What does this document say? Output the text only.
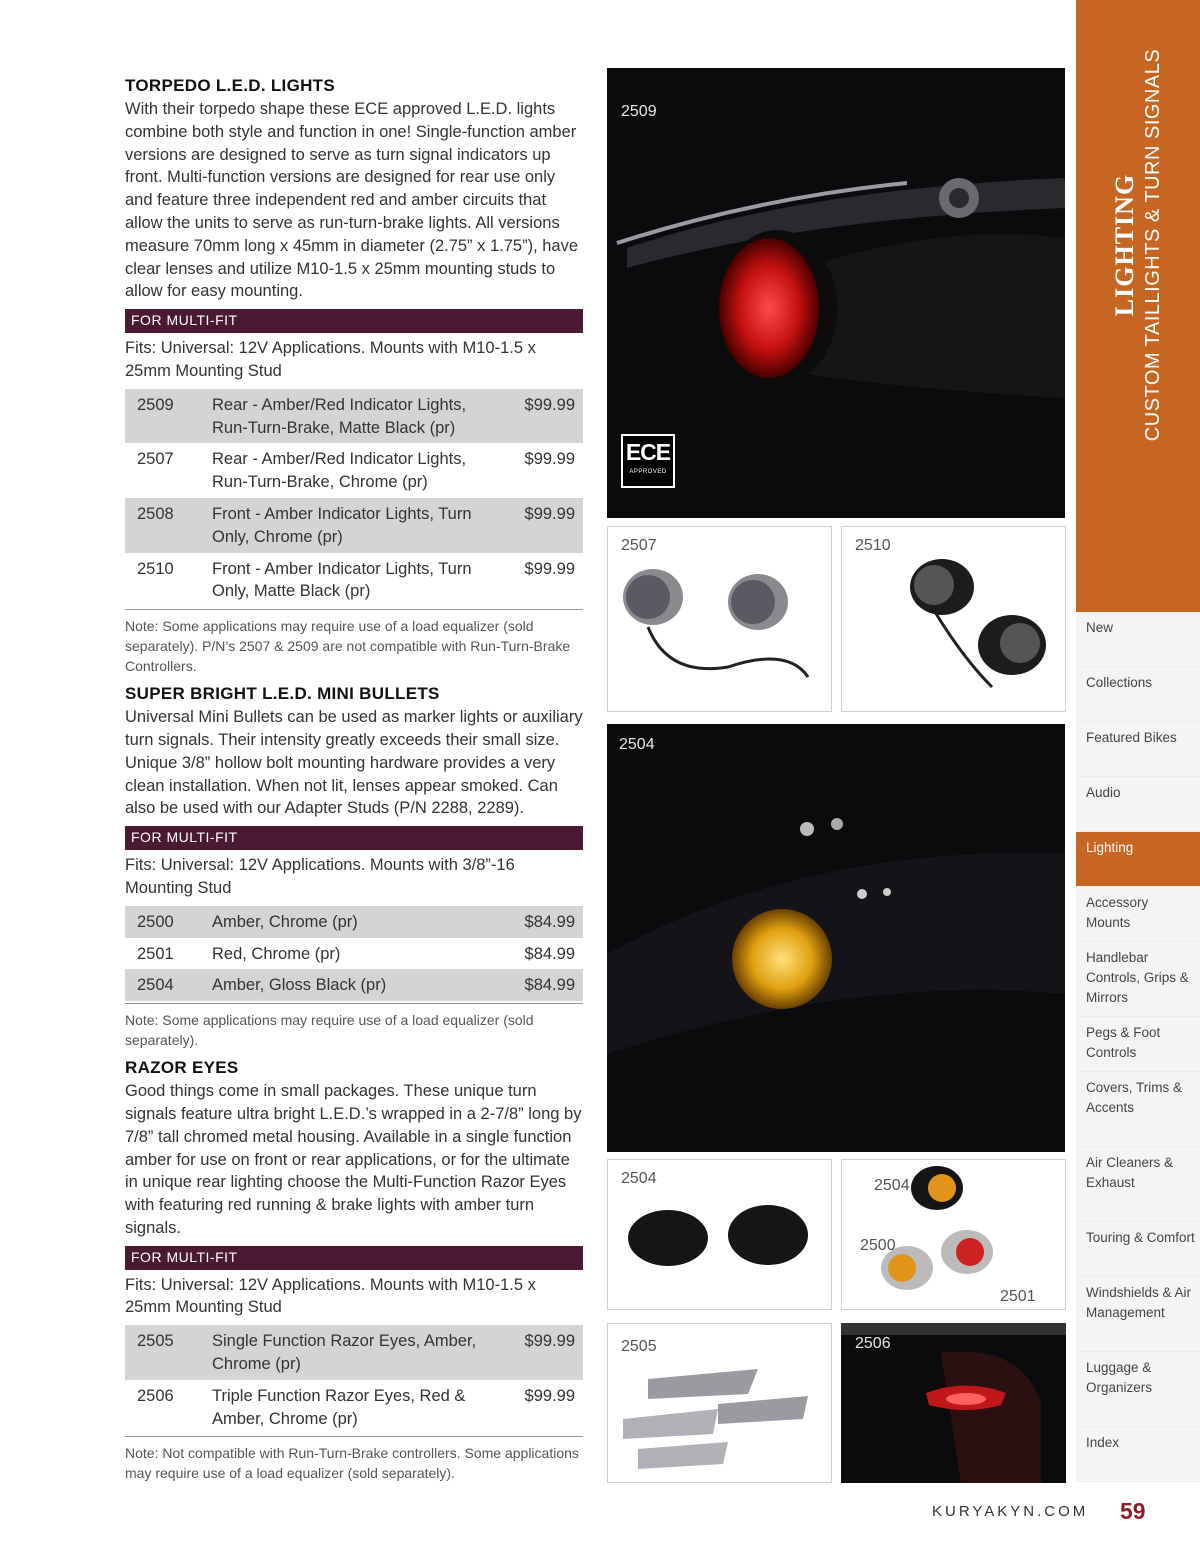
TORPEDO L.E.D. LIGHTS

With their torpedo shape these ECE approved L.E.D. lights combine both style and function in one! Single-function amber versions are designed to serve as turn signal indicators up front. Multi-function versions are designed for rear use only and feature three independent red and amber circuits that allow the units to serve as run-turn-brake lights. All versions measure 70mm long x 45mm in diameter (2.75” x 1.75”), have clear lenses and utilize M10-1.5 x 25mm mounting studs to allow for easy mounting.

FOR MULTI-FIT

Fits: Universal: 12V Applications. Mounts with M10-1.5 x 25mm Mounting Stud

2509	Rear - Amber/Red Indicator Lights, Run-Turn-Brake, Matte Black (pr)	$99.99
2507	Rear - Amber/Red Indicator Lights, Run-Turn-Brake, Chrome (pr)	$99.99
2508	Front - Amber Indicator Lights, Turn Only, Chrome (pr)	$99.99
2510	Front - Amber Indicator Lights, Turn Only, Matte Black (pr)	$99.99

Note: Some applications may require use of a load equalizer (sold separately). P/N’s 2507 & 2509 are not compatible with Run-Turn-Brake Controllers.

SUPER BRIGHT L.E.D. MINI BULLETS

Universal Mini Bullets can be used as marker lights or auxiliary turn signals. Their intensity greatly exceeds their small size. Unique 3/8” hollow bolt mounting hardware provides a very clean installation. When not lit, lenses appear smoked. Can also be used with our Adapter Studs (P/N 2288, 2289).

FOR MULTI-FIT

Fits: Universal: 12V Applications. Mounts with 3/8”-16 Mounting Stud

2500	Amber, Chrome (pr)	$84.99
2501	Red, Chrome (pr)	$84.99
2504	Amber, Gloss Black (pr)	$84.99

Note: Some applications may require use of a load equalizer (sold separately).

RAZOR EYES

Good things come in small packages. These unique turn signals feature ultra bright L.E.D.’s wrapped in a 2-7/8” long by 7/8” tall chromed metal housing. Available in a single function amber for use on front or rear applications, or for the ultimate in unique rear lighting choose the Multi-Function Razor Eyes with featuring red running & brake lights with amber turn signals.

FOR MULTI-FIT

Fits: Universal: 12V Applications. Mounts with M10-1.5 x 25mm Mounting Stud

2505	Single Function Razor Eyes, Amber, Chrome (pr)	$99.99
2506	Triple Function Razor Eyes, Red & Amber, Chrome (pr)	$99.99

Note: Not compatible with Run-Turn-Brake controllers. Some applications may require use of a load equalizer (sold separately).

2509
ECE
APPROVED
2507	2510
2504
2504	2504
2500
2501
2505	2506
LIGHTING CUSTOM TAILLIGHTS & TURN SIGNALS
New
Collections
Featured Bikes
Audio
Lighting
Accessory Mounts
Handlebar Controls, Grips & Mirrors
Pegs & Foot Controls
Covers, Trims & Accents
Air Cleaners & Exhaust
Touring & Comfort
Windshields & Air Management
Luggage & Organizers
Index
KURYAKYN.COM 59
